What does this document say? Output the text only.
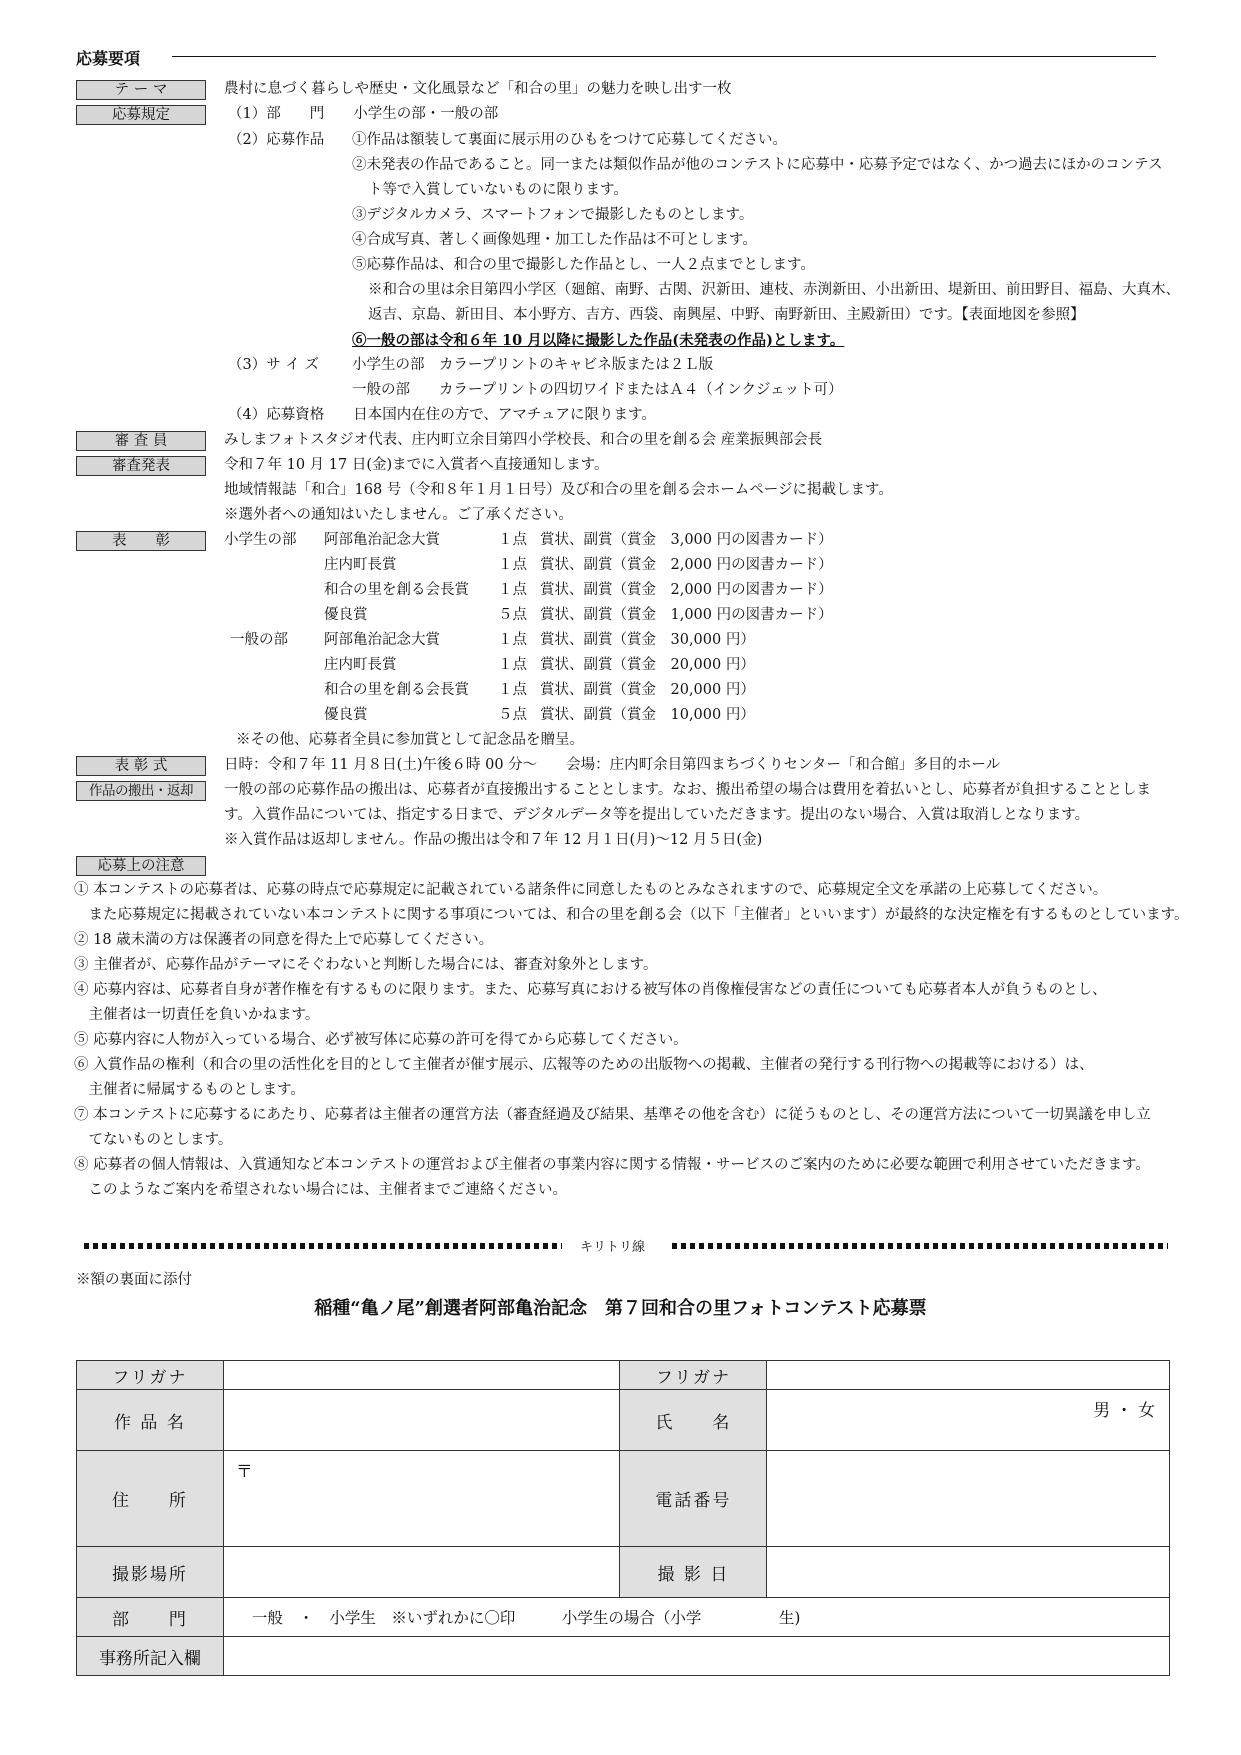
応募要項
テ ー マ	農村に息づく暮らしや歴史・文化風景など「和合の里」の魅力を映し出す一枚
応募規定	（1）部　　門　　小学生の部・一般の部
（2）応募作品 ①作品は額装して裏面に展示用のひもをつけて応募してください。
②未発表の作品であること。同一または類似作品が他のコンテストに応募中・応募予定ではなく、かつ過去にほかのコンテス
ト等で入賞していないものに限ります。
③デジタルカメラ、スマートフォンで撮影したものとします。
④合成写真、著しく画像処理・加工した作品は不可とします。
⑤応募作品は、和合の里で撮影した作品とし、一人２点までとします。
※和合の里は余目第四小学区（廻館、南野、古関、沢新田、連枝、赤渕新田、小出新田、堤新田、前田野目、福島、大真木、
返吉、京島、新田目、本小野方、吉方、西袋、南興屋、中野、南野新田、主殿新田）です。【表面地図を参照】
⑥一般の部は令和６年 10 月以降に撮影した作品(未発表の作品)とします。
（3）サ イ ズ 小学生の部　カラープリントのキャビネ版または２Ｌ版
一般の部　　カラープリントの四切ワイドまたはＡ４（インクジェット可）
（4）応募資格　　日本国内在住の方で、アマチュアに限ります。
審 査 員	みしまフォトスタジオ代表、庄内町立余目第四小学校長、和合の里を創る会 産業振興部会長
審査発表	令和７年 10 月 17 日(金)までに入賞者へ直接通知します。
地域情報誌「和合」168 号（令和８年１月１日号）及び和合の里を創る会ホームページに掲載します。
※選外者への通知はいたしません。ご了承ください。
表　　彰	小学生の部 阿部亀治記念大賞	１点 賞状、副賞（賞金　3,000 円の図書カード）
庄内町長賞	１点 賞状、副賞（賞金　2,000 円の図書カード）
和合の里を創る会長賞 １点 賞状、副賞（賞金　2,000 円の図書カード）
優良賞	５点 賞状、副賞（賞金　1,000 円の図書カード）
一般の部 阿部亀治記念大賞	１点 賞状、副賞（賞金　30,000 円）
庄内町長賞	１点 賞状、副賞（賞金　20,000 円）
和合の里を創る会長賞 １点 賞状、副賞（賞金　20,000 円）
優良賞	５点 賞状、副賞（賞金　10,000 円）
※その他、応募者全員に参加賞として記念品を贈呈。
表 彰 式	日時：令和７年 11 月８日(土)午後６時 00 分～　　会場：庄内町余目第四まちづくりセンター「和合館」多目的ホール
作品の搬出・返却	一般の部の応募作品の搬出は、応募者が直接搬出することとします。なお、搬出希望の場合は費用を着払いとし、応募者が負担することとしま
す。入賞作品については、指定する日まで、デジタルデータ等を提出していただきます。提出のない場合、入賞は取消しとなります。
※入賞作品は返却しません。作品の搬出は令和７年 12 月１日(月)～12 月５日(金)
応募上の注意
① 本コンテストの応募者は、応募の時点で応募規定に記載されている諸条件に同意したものとみなされますので、応募規定全文を承諾の上応募してください。
　また応募規定に掲載されていない本コンテストに関する事項については、和合の里を創る会（以下「主催者」といいます）が最終的な決定権を有するものとしています。
② 18 歳未満の方は保護者の同意を得た上で応募してください。
③ 主催者が、応募作品がテーマにそぐわないと判断した場合には、審査対象外とします。
④ 応募内容は、応募者自身が著作権を有するものに限ります。また、応募写真における被写体の肖像権侵害などの責任についても応募者本人が負うものとし、
　主催者は一切責任を負いかねます。
⑤ 応募内容に人物が入っている場合、必ず被写体に応募の許可を得てから応募してください。
⑥ 入賞作品の権利（和合の里の活性化を目的として主催者が催す展示、広報等のための出版物への掲載、主催者の発行する刊行物への掲載等における）は、
　主催者に帰属するものとします。
⑦ 本コンテストに応募するにあたり、応募者は主催者の運営方法（審査経過及び結果、基準その他を含む）に従うものとし、その運営方法について一切異議を申し立
　てないものとします。
⑧ 応募者の個人情報は、入賞通知など本コンテストの運営および主催者の事業内容に関する情報・サービスのご案内のために必要な範囲で利用させていただきます。
　このようなご案内を希望されない場合には、主催者までご連絡ください。
キリトリ線
※額の裏面に添付
稲種“亀ノ尾”創選者阿部亀治記念　第７回和合の里フォトコンテスト応募票
フリガナ		フリガナ	
作 品 名		氏　　名	男 ・ 女
住　　所	〒	電話番号	
撮影場所		撮 影 日	
部　　門	一般　・　小学生　※いずれかに〇印　　　小学生の場合（小学　　　　　生)		
事務所記入欄			
